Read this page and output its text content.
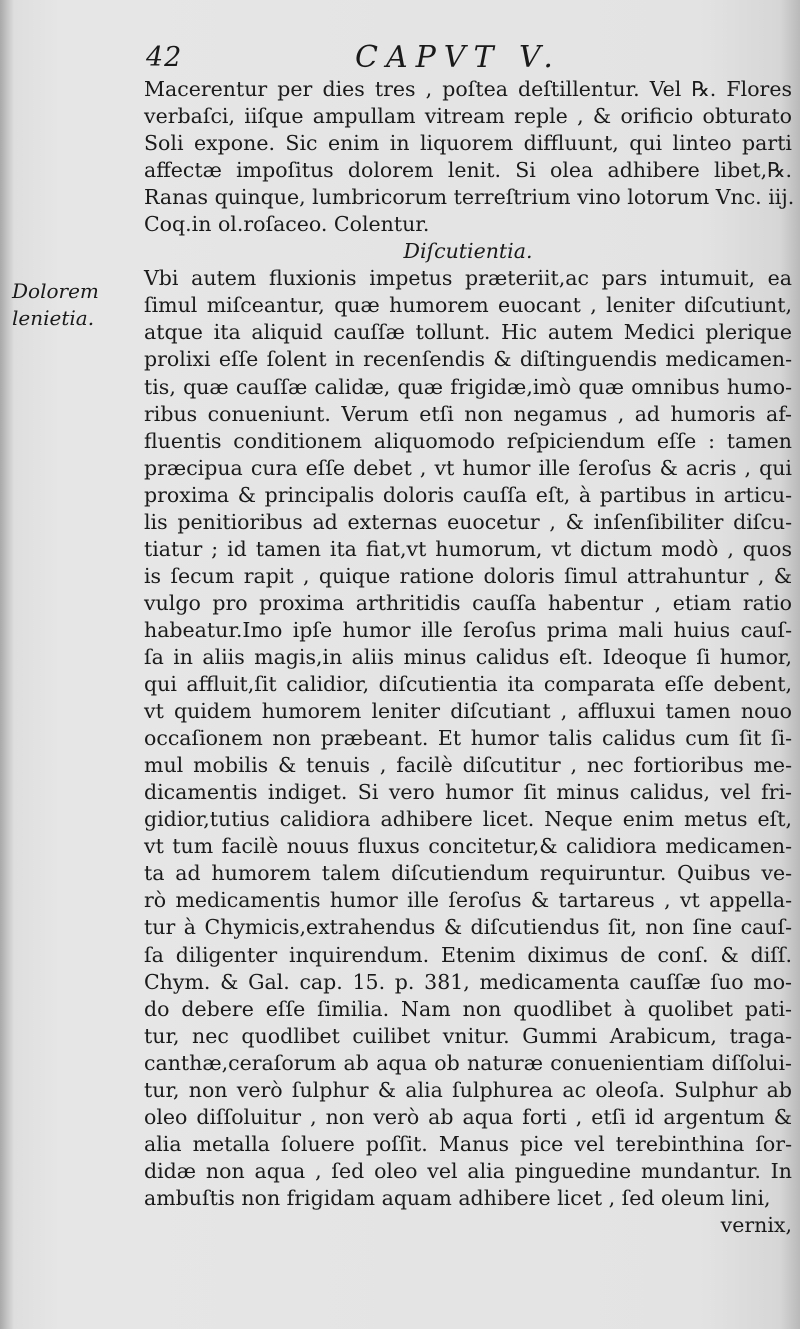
42	CAPVT V.
Dolorem
lenietia.
Macerentur per dies tres , poſtea deſtillentur. Vel ℞. Flores
verbaſci, iiſque ampullam vitream reple , & orificio obturato
Soli expone. Sic enim in liquorem diffluunt, qui linteo parti
affectæ impoſitus dolorem lenit. Si olea adhibere libet,℞.
Ranas quinque, lumbricorum terreſtrium vino lotorum Vnc. iij.
Coq.in ol.roſaceo. Colentur.
Diſcutientia.
Vbi autem fluxionis impetus præteriit,ac pars intumuit, ea
ſimul miſceantur, quæ humorem euocant , leniter diſcutiunt,
atque ita aliquid cauſſæ tollunt. Hic autem Medici plerique
prolixi eſſe ſolent in recenſendis & diſtinguendis medicamen-
tis, quæ cauſſæ calidæ, quæ frigidæ,imò quæ omnibus humo-
ribus conueniunt. Verum etſi non negamus , ad humoris af-
fluentis conditionem aliquomodo reſpiciendum eſſe : tamen
præcipua cura eſſe debet , vt humor ille ſeroſus & acris , qui
proxima & principalis doloris cauſſa eſt, à partibus in articu-
lis penitioribus ad externas euocetur , & inſenſibiliter diſcu-
tiatur ; id tamen ita fiat,vt humorum, vt dictum modò , quos
is ſecum rapit , quique ratione doloris ſimul attrahuntur , &
vulgo pro proxima arthritidis cauſſa habentur , etiam ratio
habeatur.Imo ipſe humor ille ſeroſus prima mali huius cauſ-
ſa in aliis magis,in aliis minus calidus eſt. Ideoque ſi humor,
qui affluit,ſit calidior, diſcutientia ita comparata eſſe debent,
vt quidem humorem leniter diſcutiant , affluxui tamen nouo
occaſionem non præbeant. Et humor talis calidus cum ſit ſi-
mul mobilis & tenuis , facilè diſcutitur , nec fortioribus me-
dicamentis indiget. Si vero humor ſit minus calidus, vel fri-
gidior,tutius calidiora adhibere licet. Neque enim metus eſt,
vt tum facilè nouus fluxus concitetur,& calidiora medicamen-
ta ad humorem talem diſcutiendum requiruntur. Quibus ve-
rò medicamentis humor ille ſeroſus & tartareus , vt appella-
tur à Chymicis,extrahendus & diſcutiendus ſit, non ſine cauſ-
ſa diligenter inquirendum. Etenim diximus de conſ. & diſſ.
Chym. & Gal. cap. 15. p. 381, medicamenta cauſſæ ſuo mo-
do debere eſſe ſimilia. Nam non quodlibet à quolibet pati-
tur, nec quodlibet cuilibet vnitur. Gummi Arabicum, traga-
canthæ,ceraſorum ab aqua ob naturæ conuenientiam diſſolui-
tur, non verò ſulphur & alia ſulphurea ac oleoſa. Sulphur ab
oleo diſſoluitur , non verò ab aqua forti , etſi id argentum &
alia metalla ſoluere poſſit. Manus pice vel terebinthina ſor-
didæ non aqua , ſed oleo vel alia pinguedine mundantur. In
ambuſtis non frigidam aquam adhibere licet , ſed oleum lini,
vernix,
